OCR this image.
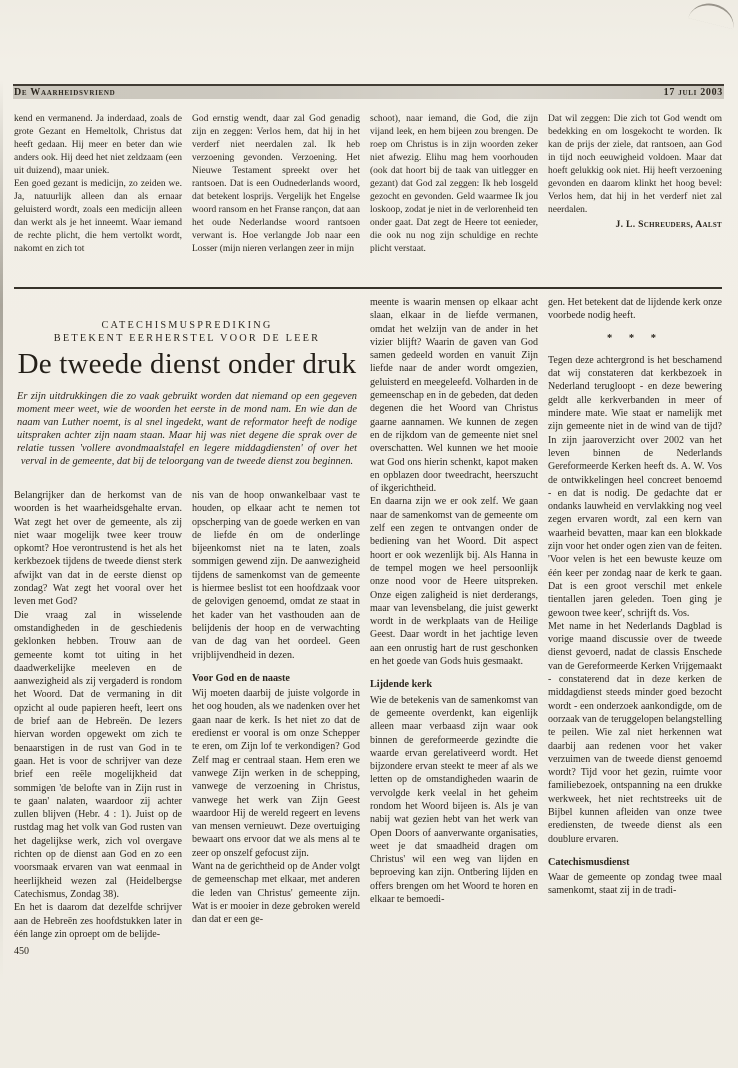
De Waarheidsvriend	17 juli 2003

kend en vermanend. Ja inderdaad, zoals de grote Gezant en Hemeltolk, Christus dat heeft gedaan. Hij meer en beter dan wie anders ook. Hij deed het niet zeldzaam (een uit duizend), maar uniek.

Een goed gezant is medicijn, zo zeiden we. Ja, natuurlijk alleen dan als ernaar geluisterd wordt, zoals een medicijn alleen dan werkt als je het inneemt. Waar iemand de rechte plicht, die hem vertolkt wordt, nakomt en zich tot

God ernstig wendt, daar zal God genadig zijn en zeggen: Verlos hem, dat hij in het verderf niet neerdalen zal. Ik heb verzoening gevonden. Verzoening. Het Nieuwe Testament spreekt over het rantsoen. Dat is een Oudnederlands woord, dat betekent losprijs. Vergelijk het Engelse woord ransom en het Franse rançon, dat aan het oude Nederlandse woord rantsoen verwant is. Hoe verlangde Job naar een Losser (mijn nieren verlangen zeer in mijn

schoot), naar iemand, die God, die zijn vijand leek, en hem bijeen zou brengen. De roep om Christus is in zijn woorden zeker niet afwezig. Elihu mag hem voorhouden (ook dat hoort bij de taak van uitlegger en gezant) dat God zal zeggen: Ik heb losgeld gezocht en gevonden. Geld waarmee Ik jou loskoop, zodat je niet in de verlorenheid ten onder gaat. Dat zegt de Heere tot eenieder, die ook nu nog zijn schuldige en rechte plicht verstaat.

Dat wil zeggen: Die zich tot God wendt om bedekking en om losgekocht te worden. Ik kan de prijs der ziele, dat rantsoen, aan God in tijd noch eeuwigheid voldoen. Maar dat hoeft gelukkig ook niet. Hij heeft verzoening gevonden en daarom klinkt het hoog bevel: Verlos hem, dat hij in het verderf niet zal neerdalen.

J. L. Schreuders, Aalst
CATECHISMUSPREDIKING
BETEKENT EERHERSTEL VOOR DE LEER
De tweede dienst onder druk
Er zijn uitdrukkingen die zo vaak gebruikt worden dat niemand op een gegeven moment meer weet, wie de woorden het eerste in de mond nam. En wie dan de naam van Luther noemt, is al snel ingedekt, want de reformator heeft de nodige uitspraken achter zijn naam staan. Maar hij was niet degene die sprak over de relatie tussen 'vollere avondmaalstafel en legere middagdiensten' of over het verval in de gemeente, dat bij de teloorgang van de tweede dienst zou beginnen.

Belangrijker dan de herkomst van de woorden is het waarheidsgehalte ervan. Wat zegt het over de gemeente, als zij niet waar mogelijk twee keer trouw opkomt? Hoe verontrustend is het als het kerkbezoek tijdens de tweede dienst sterk afwijkt van dat in de eerste dienst op zondag? Wat zegt het vooral over het leven met God?

Die vraag zal in wisselende omstandigheden in de geschiedenis geklonken hebben. Trouw aan de gemeente komt tot uiting in het daadwerkelijke meeleven en de aanwezigheid als zij vergaderd is rondom het Woord. Dat de vermaning in dit opzicht al oude papieren heeft, leert ons de brief aan de Hebreën. De lezers hiervan worden opgewekt om zich te benaarstigen in de rust van God in te gaan. Het is voor de schrijver van deze brief een reële mogelijkheid dat sommigen 'de belofte van in Zijn rust in te gaan' nalaten, waardoor zij achter zullen blijven (Hebr. 4 : 1). Juist op de rustdag mag het volk van God rusten van het dagelijkse werk, zich vol overgave richten op de dienst aan God en zo een voorsmaak ervaren van wat eenmaal in heerlijkheid wezen zal (Heidelbergse Catechismus, Zondag 38).

En het is daarom dat dezelfde schrijver aan de Hebreën zes hoofdstukken later in één lange zin oproept om de belijde-

nis van de hoop onwankelbaar vast te houden, op elkaar acht te nemen tot opscherping van de goede werken en van de liefde én om de onderlinge bijeenkomst niet na te laten, zoals sommigen gewend zijn. De aanwezigheid tijdens de samenkomst van de gemeente is hiermee beslist tot een hoofdzaak voor de gelovigen genoemd, omdat ze staat in het kader van het vasthouden aan de belijdenis der hoop en de verwachting van de dag van het oordeel. Geen vrijblijvendheid in dezen.

Voor God en de naaste

Wij moeten daarbij de juiste volgorde in het oog houden, als we nadenken over het gaan naar de kerk. Is het niet zo dat de eredienst er vooral is om onze Schepper te eren, om Zijn lof te verkondigen? God Zelf mag er centraal staan. Hem eren we vanwege Zijn werken in de schepping, vanwege de verzoening in Christus, vanwege het werk van Zijn Geest waardoor Hij de wereld regeert en levens van mensen vernieuwt. Deze overtuiging bewaart ons ervoor dat we als mens al te zeer op onszelf gefocust zijn.

Want na de gerichtheid op de Ander volgt de gemeenschap met elkaar, met anderen die leden van Christus' gemeente zijn. Wat is er mooier in deze gebroken wereld dan dat er een ge-

meente is waarin mensen op elkaar acht slaan, elkaar in de liefde vermanen, omdat het welzijn van de ander in het vizier blijft? Waarin de gaven van God samen gedeeld worden en vanuit Zijn liefde naar de ander wordt omgezien, geluisterd en meegeleefd. Volharden in de gemeenschap en in de gebeden, dat deden degenen die het Woord van Christus gaarne aannamen. We kunnen de zegen en de rijkdom van de gemeente niet snel overschatten. Wel kunnen we het mooie wat God ons hierin schenkt, kapot maken en opblazen door tweedracht, heerszucht of ikgerichtheid.

En daarna zijn we er ook zelf. We gaan naar de samenkomst van de gemeente om zelf een zegen te ontvangen onder de bediening van het Woord. Dit aspect hoort er ook wezenlijk bij. Als Hanna in de tempel mogen we heel persoonlijk onze nood voor de Heere uitspreken. Onze eigen zaligheid is niet derderangs, maar van levensbelang, die juist gewerkt wordt in de werkplaats van de Heilige Geest. Daar wordt in het jachtige leven aan een onrustig hart de rust geschonken en het goede van Gods huis gesmaakt.

Lijdende kerk

Wie de betekenis van de samenkomst van de gemeente overdenkt, kan eigenlijk alleen maar verbaasd zijn waar ook binnen de gereformeerde gezindte die waarde ervan gerelativeerd wordt. Het bijzondere ervan steekt te meer af als we letten op de omstandigheden waarin de vervolgde kerk veelal in het geheim rondom het Woord bijeen is. Als je van nabij wat gezien hebt van het werk van Open Doors of aanverwante organisaties, weet je dat smaadheid dragen om Christus' wil een weg van lijden en beproeving kan zijn. Ontbering lijden en offers brengen om het Woord te horen en elkaar te bemoedi-

gen. Het betekent dat de lijdende kerk onze voorbede nodig heeft.

* * *

Tegen deze achtergrond is het beschamend dat wij constateren dat kerkbezoek in Nederland terugloopt - en deze bewering geldt alle kerkverbanden in meer of mindere mate. Wie staat er namelijk met zijn gemeente niet in de wind van de tijd? In zijn jaaroverzicht over 2002 van het leven binnen de Nederlands Gereformeerde Kerken heeft ds. A. W. Vos de ontwikkelingen heel concreet benoemd - en dat is nodig. De gedachte dat er ondanks lauwheid en vervlakking nog veel zegen ervaren wordt, zal een kern van waarheid bevatten, maar kan een blokkade zijn voor het onder ogen zien van de feiten. 'Voor velen is het een bewuste keuze om één keer per zondag naar de kerk te gaan. Dat is een groot verschil met enkele tientallen jaren geleden. Toen ging je gewoon twee keer', schrijft ds. Vos.

Met name in het Nederlands Dagblad is vorige maand discussie over de tweede dienst gevoerd, nadat de classis Enschede van de Gereformeerde Kerken Vrijgemaakt - constaterend dat in deze kerken de middagdienst steeds minder goed bezocht wordt - een onderzoek aankondigde, om de oorzaak van de teruggelopen belangstelling te peilen. Wie zal niet herkennen wat daarbij aan redenen voor het vaker verzuimen van de tweede dienst genoemd wordt? Tijd voor het gezin, ruimte voor familiebezoek, ontspanning na een drukke werkweek, het niet rechtstreeks uit de Bijbel kunnen afleiden van onze twee erediensten, de tweede dienst als een doublure ervaren.

Catechismusdienst

Waar de gemeente op zondag twee maal samenkomt, staat zij in de tradi-

450
